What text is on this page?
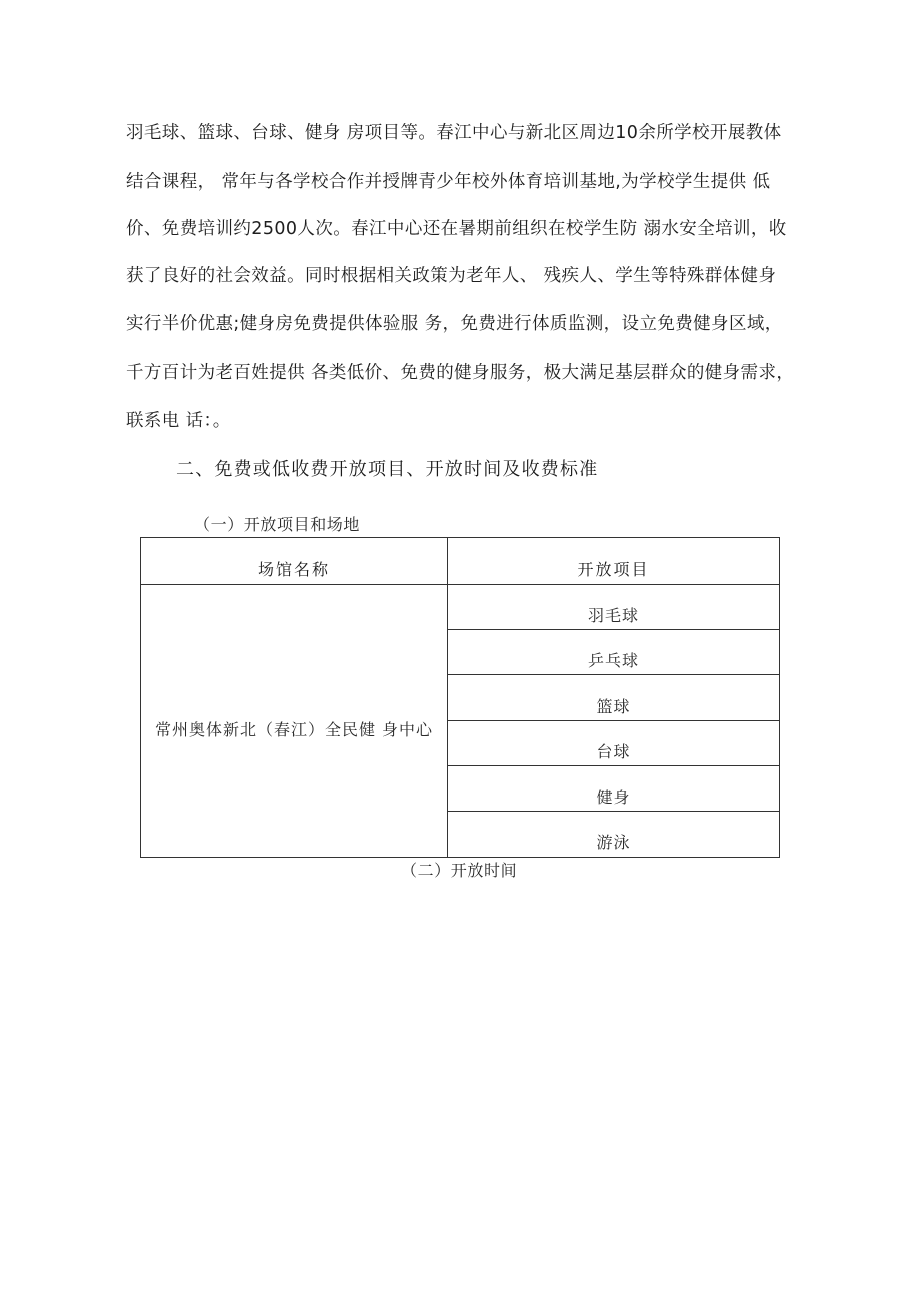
羽毛球、篮球、台球、健身 房项目等。春江中心与新北区周边10余所学校开展教体
结合课程， 常年与各学校合作并授牌青少年校外体育培训基地,为学校学生提供 低
价、免费培训约2500人次。春江中心还在暑期前组织在校学生防 溺水安全培训，收
获了良好的社会效益。同时根据相关政策为老年人、 残疾人、学生等特殊群体健身
实行半价优惠;健身房免费提供体验服 务，免费进行体质监测，设立免费健身区域，
千方百计为老百姓提供 各类低价、免费的健身服务，极大满足基层群众的健身需求，
联系电 话：。
二、免费或低收费开放项目、开放时间及收费标准
（一）开放项目和场地
场馆名称	开放项目
常州奥体新北（春江）全民健 身中心
羽毛球
乒乓球
篮球
台球
健身
游泳
（二）开放时间
